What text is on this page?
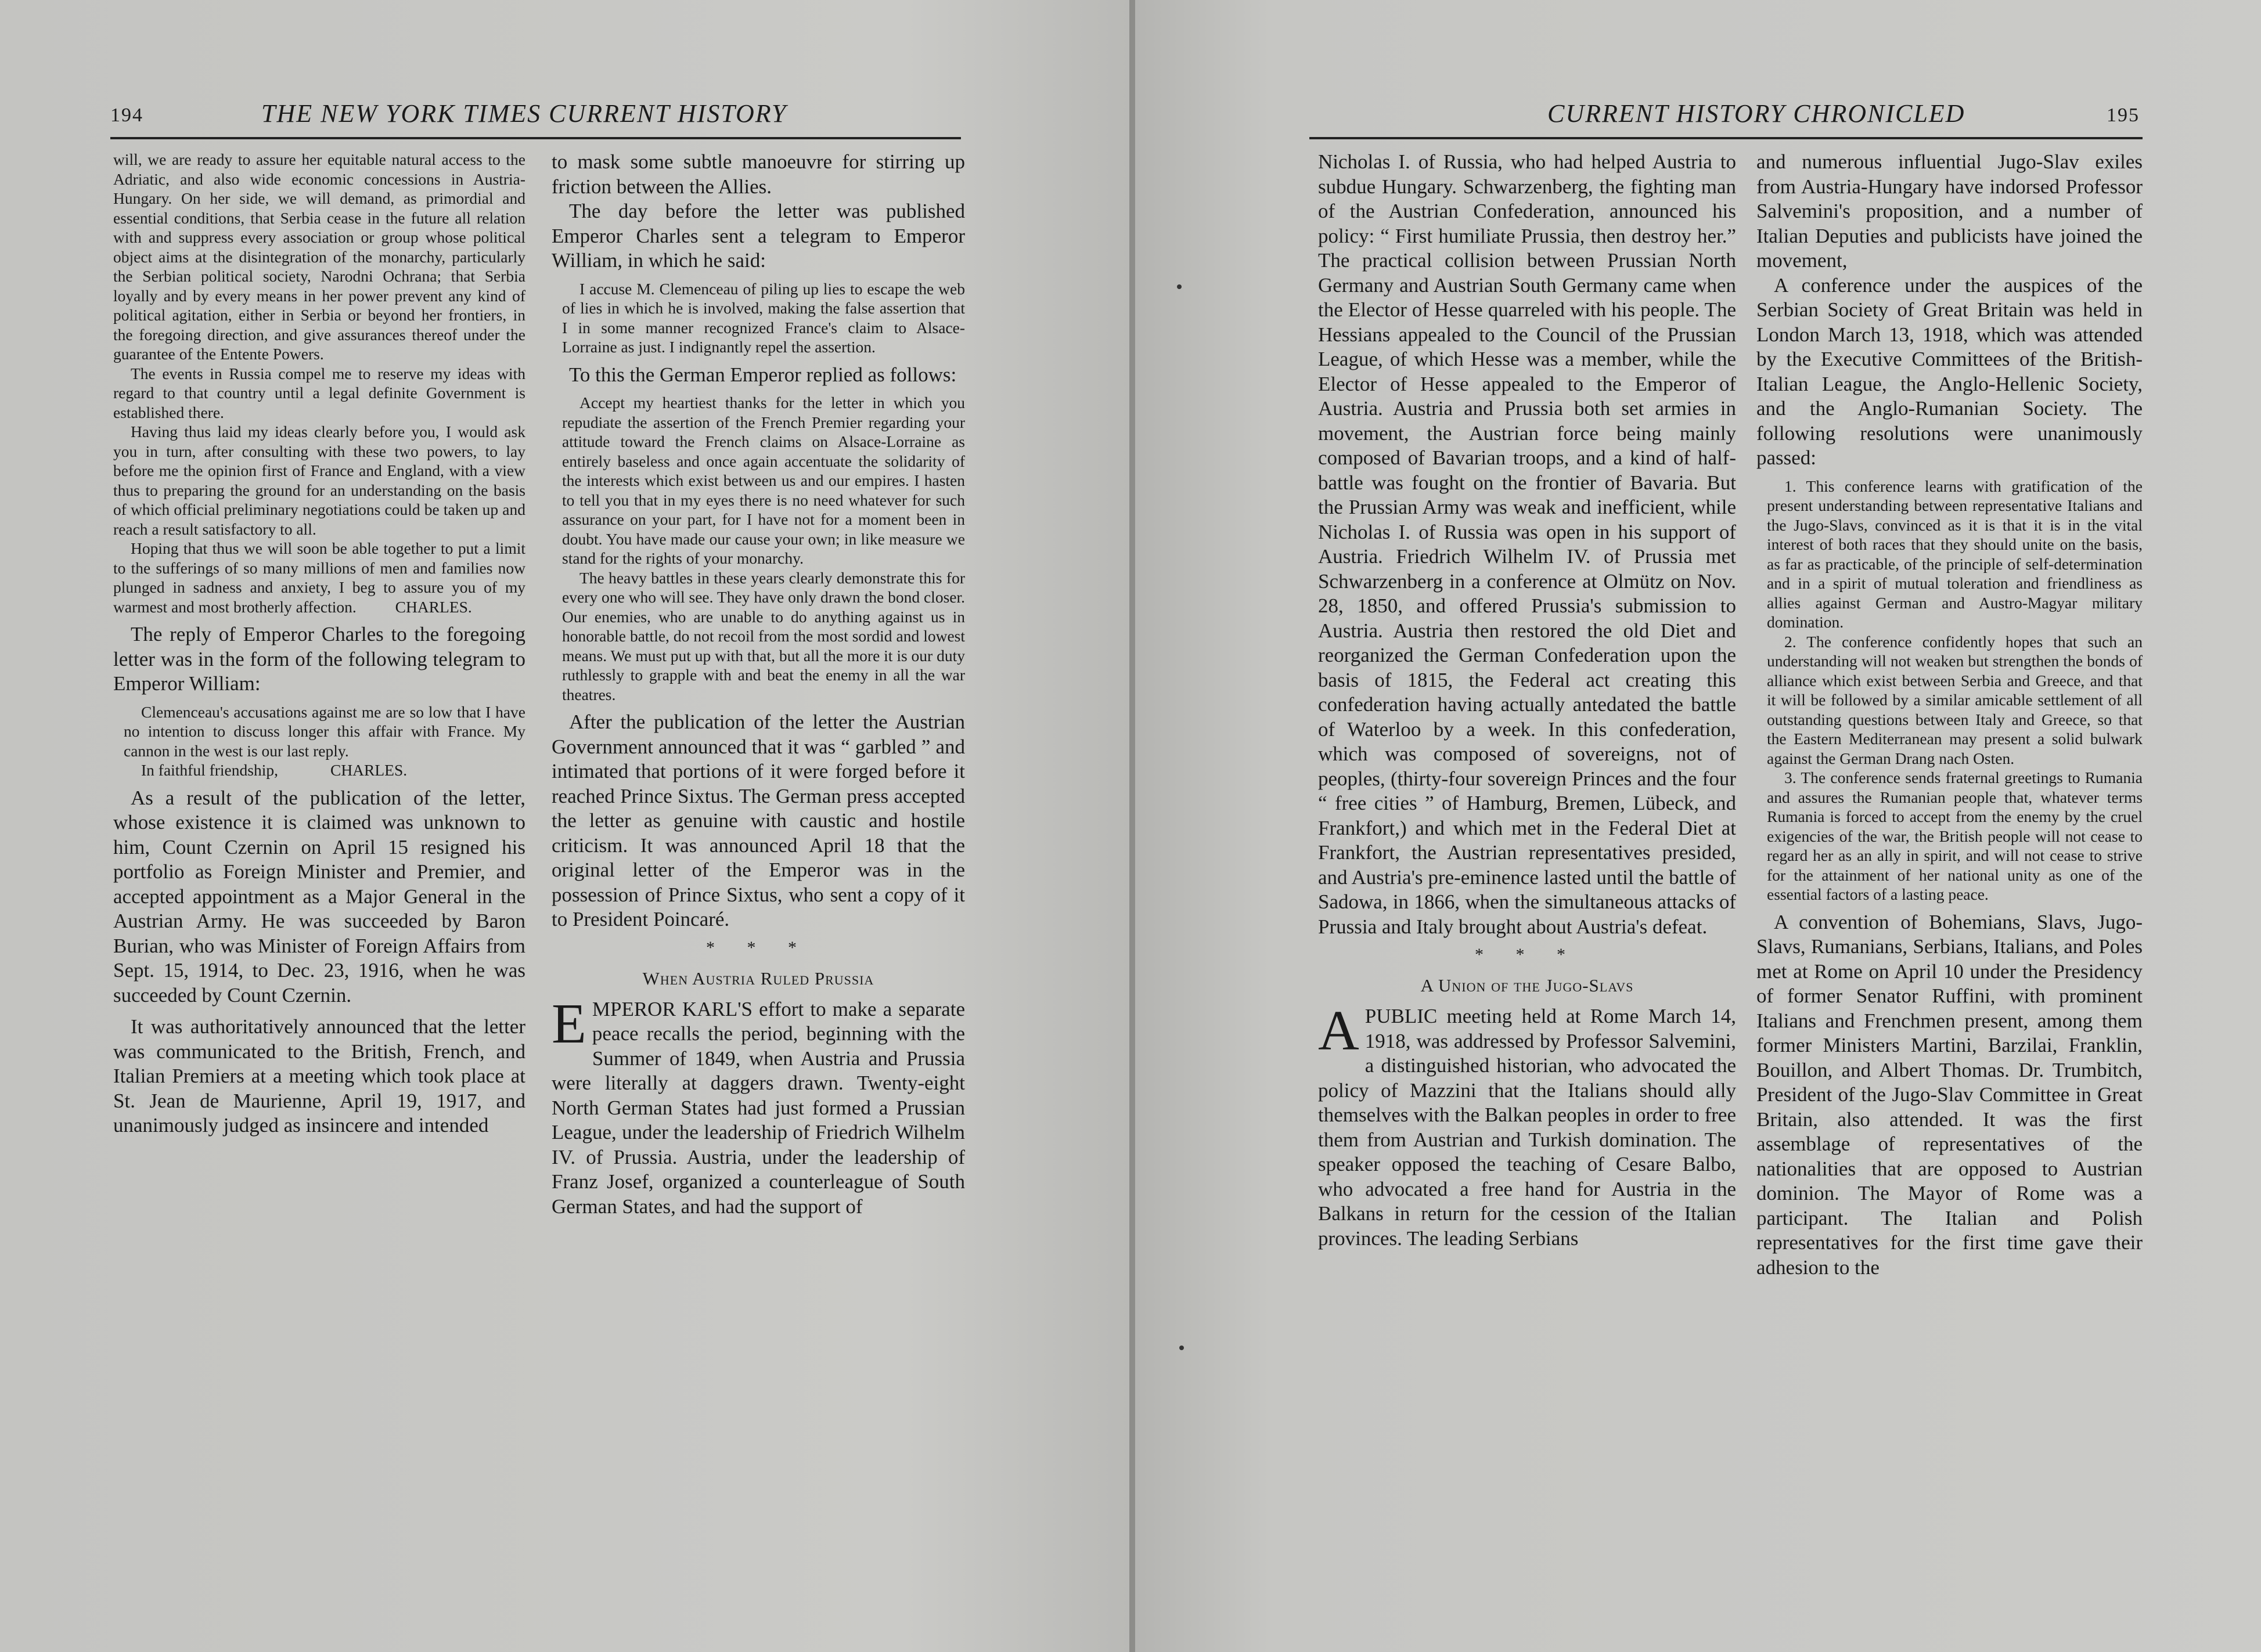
194	THE NEW YORK TIMES CURRENT HISTORY

will, we are ready to assure her equitable natural access to the Adriatic, and also wide economic concessions in Austria-Hungary. On her side, we will demand, as primordial and essential conditions, that Serbia cease in the future all relation with and suppress every association or group whose political object aims at the disintegration of the monarchy, particularly the Serbian political society, Narodni Ochrana; that Serbia loyally and by every means in her power prevent any kind of political agitation, either in Serbia or beyond her frontiers, in the foregoing direction, and give assurances thereof under the guarantee of the Entente Powers.

The events in Russia compel me to reserve my ideas with regard to that country until a legal definite Government is established there.

Having thus laid my ideas clearly before you, I would ask you in turn, after consulting with these two powers, to lay before me the opinion first of France and England, with a view thus to preparing the ground for an understanding on the basis of which official preliminary negotiations could be taken up and reach a result satisfactory to all.

Hoping that thus we will soon be able together to put a limit to the sufferings of so many millions of men and families now plunged in sadness and anxiety, I beg to assure you of my warmest and most brotherly affection. CHARLES.

The reply of Emperor Charles to the foregoing letter was in the form of the following telegram to Emperor William:

Clemenceau's accusations against me are so low that I have no intention to discuss longer this affair with France. My cannon in the west is our last reply.

In faithful friendship,	CHARLES.

As a result of the publication of the letter, whose existence it is claimed was unknown to him, Count Czernin on April 15 resigned his portfolio as Foreign Minister and Premier, and accepted appointment as a Major General in the Austrian Army. He was succeeded by Baron Burian, who was Minister of Foreign Affairs from Sept. 15, 1914, to Dec. 23, 1916, when he was succeeded by Count Czernin.

It was authoritatively announced that the letter was communicated to the British, French, and Italian Premiers at a meeting which took place at St. Jean de Maurienne, April 19, 1917, and unanimously judged as insincere and intended

to mask some subtle manoeuvre for stirring up friction between the Allies.

The day before the letter was published Emperor Charles sent a telegram to Emperor William, in which he said:

I accuse M. Clemenceau of piling up lies to escape the web of lies in which he is involved, making the false assertion that I in some manner recognized France's claim to Alsace-Lorraine as just. I indignantly repel the assertion.

To this the German Emperor replied as follows:

Accept my heartiest thanks for the letter in which you repudiate the assertion of the French Premier regarding your attitude toward the French claims on Alsace-Lorraine as entirely baseless and once again accentuate the solidarity of the interests which exist between us and our empires. I hasten to tell you that in my eyes there is no need whatever for such assurance on your part, for I have not for a moment been in doubt. You have made our cause your own; in like measure we stand for the rights of your monarchy.

The heavy battles in these years clearly demonstrate this for every one who will see. They have only drawn the bond closer. Our enemies, who are unable to do anything against us in honorable battle, do not recoil from the most sordid and lowest means. We must put up with that, but all the more it is our duty ruthlessly to grapple with and beat the enemy in all the war theatres.

After the publication of the letter the Austrian Government announced that it was “ garbled ” and intimated that portions of it were forged before it reached Prince Sixtus. The German press accepted the letter as genuine with caustic and hostile criticism. It was announced April 18 that the original letter of the Emperor was in the possession of Prince Sixtus, who sent a copy of it to President Poincaré.

* * *
When Austria Ruled Prussia

EMPEROR KARL'S effort to make a separate peace recalls the period, beginning with the Summer of 1849, when Austria and Prussia were literally at daggers drawn. Twenty-eight North German States had just formed a Prussian League, under the leadership of Friedrich Wilhelm IV. of Prussia. Austria, under the leadership of Franz Josef, organized a counterleague of South German States, and had the support of

CURRENT HISTORY CHRONICLED	195

Nicholas I. of Russia, who had helped Austria to subdue Hungary. Schwarzenberg, the fighting man of the Austrian Confederation, announced his policy: “ First humiliate Prussia, then destroy her.” The practical collision between Prussian North Germany and Austrian South Germany came when the Elector of Hesse quarreled with his people. The Hessians appealed to the Council of the Prussian League, of which Hesse was a member, while the Elector of Hesse appealed to the Emperor of Austria. Austria and Prussia both set armies in movement, the Austrian force being mainly composed of Bavarian troops, and a kind of half-battle was fought on the frontier of Bavaria. But the Prussian Army was weak and inefficient, while Nicholas I. of Russia was open in his support of Austria. Friedrich Wilhelm IV. of Prussia met Schwarzenberg in a conference at Olmütz on Nov. 28, 1850, and offered Prussia's submission to Austria. Austria then restored the old Diet and reorganized the German Confederation upon the basis of 1815, the Federal act creating this confederation having actually antedated the battle of Waterloo by a week. In this confederation, which was composed of sovereigns, not of peoples, (thirty-four sovereign Princes and the four “ free cities ” of Hamburg, Bremen, Lübeck, and Frankfort,) and which met in the Federal Diet at Frankfort, the Austrian representatives presided, and Austria's pre-eminence lasted until the battle of Sadowa, in 1866, when the simultaneous attacks of Prussia and Italy brought about Austria's defeat.

* * *
A Union of the Jugo-Slavs

APUBLIC meeting held at Rome March 14, 1918, was addressed by Professor Salvemini, a distinguished historian, who advocated the policy of Mazzini that the Italians should ally themselves with the Balkan peoples in order to free them from Austrian and Turkish domination. The speaker opposed the teaching of Cesare Balbo, who advocated a free hand for Austria in the Balkans in return for the cession of the Italian provinces. The leading Serbians

and numerous influential Jugo-Slav exiles from Austria-Hungary have indorsed Professor Salvemini's proposition, and a number of Italian Deputies and publicists have joined the movement,

A conference under the auspices of the Serbian Society of Great Britain was held in London March 13, 1918, which was attended by the Executive Committees of the British-Italian League, the Anglo-Hellenic Society, and the Anglo-Rumanian Society. The following resolutions were unanimously passed:

1. This conference learns with gratification of the present understanding between representative Italians and the Jugo-Slavs, convinced as it is that it is in the vital interest of both races that they should unite on the basis, as far as practicable, of the principle of self-determination and in a spirit of mutual toleration and friendliness as allies against German and Austro-Magyar military domination.

2. The conference confidently hopes that such an understanding will not weaken but strengthen the bonds of alliance which exist between Serbia and Greece, and that it will be followed by a similar amicable settlement of all outstanding questions between Italy and Greece, so that the Eastern Mediterranean may present a solid bulwark against the German Drang nach Osten.

3. The conference sends fraternal greetings to Rumania and assures the Rumanian people that, whatever terms Rumania is forced to accept from the enemy by the cruel exigencies of the war, the British people will not cease to regard her as an ally in spirit, and will not cease to strive for the attainment of her national unity as one of the essential factors of a lasting peace.

A convention of Bohemians, Slavs, Jugo-Slavs, Rumanians, Serbians, Italians, and Poles met at Rome on April 10 under the Presidency of former Senator Ruffini, with prominent Italians and Frenchmen present, among them former Ministers Martini, Barzilai, Franklin, Bouillon, and Albert Thomas. Dr. Trumbitch, President of the Jugo-Slav Committee in Great Britain, also attended. It was the first assemblage of representatives of the nationalities that are opposed to Austrian dominion. The Mayor of Rome was a participant. The Italian and Polish representatives for the first time gave their adhesion to the
